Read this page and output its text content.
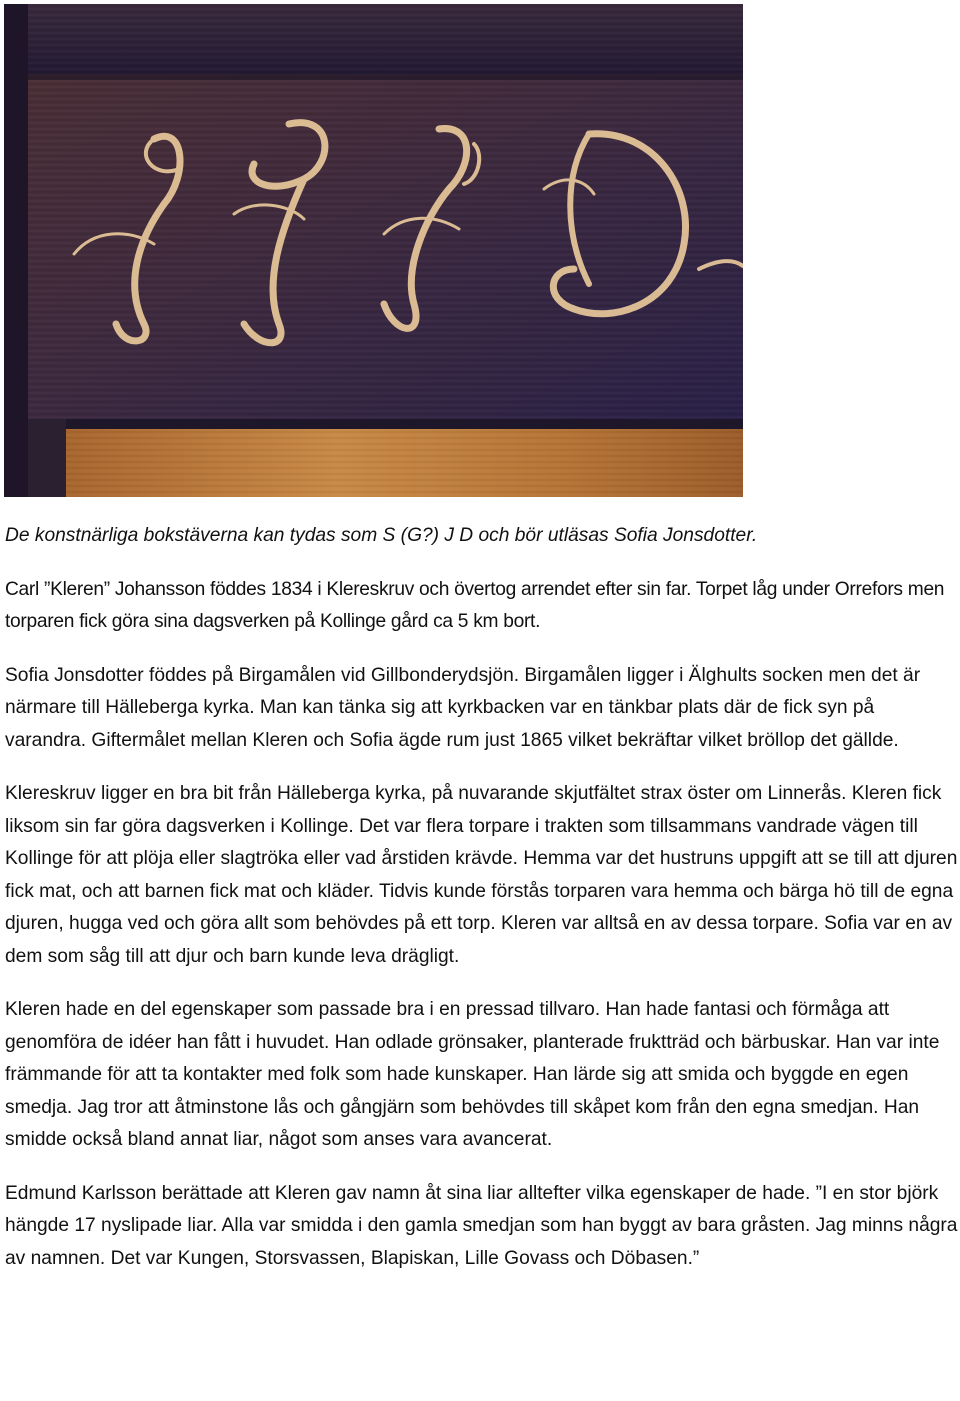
De konstnärliga bokstäverna kan tydas som S (G?) J D och bör utläsas Sofia Jonsdotter.

Carl ”Kleren” Johansson föddes 1834 i Klereskruv och övertog arrendet efter sin far. Torpet låg under Orrefors men torparen fick göra sina dagsverken på Kollinge gård ca 5 km bort.

Sofia Jonsdotter föddes på Birgamålen vid Gillbonderydsjön. Birgamålen ligger i Älghults socken men det är närmare till Hälleberga kyrka. Man kan tänka sig att kyrkbacken var en tänkbar plats där de fick syn på varandra. Giftermålet mellan Kleren och Sofia ägde rum just 1865 vilket bekräftar vilket bröllop det gällde.

Klereskruv ligger en bra bit från Hälleberga kyrka, på nuvarande skjutfältet strax öster om Linnerås. Kleren fick liksom sin far göra dagsverken i Kollinge. Det var flera torpare i trakten som tillsammans vandrade vägen till Kollinge för att plöja eller slagtröka eller vad årstiden krävde. Hemma var det hustruns uppgift att se till att djuren fick mat, och att barnen fick mat och kläder. Tidvis kunde förstås torparen vara hemma och bärga hö till de egna djuren, hugga ved och göra allt som behövdes på ett torp. Kleren var alltså en av dessa torpare. Sofia var en av dem som såg till att djur och barn kunde leva drägligt.

Kleren hade en del egenskaper som passade bra i en pressad tillvaro. Han hade fantasi och förmåga att genomföra de idéer han fått i huvudet. Han odlade grönsaker, planterade fruktträd och bärbuskar. Han var inte främmande för att ta kontakter med folk som hade kunskaper. Han lärde sig att smida och byggde en egen smedja. Jag tror att åtminstone lås och gångjärn som behövdes till skåpet kom från den egna smedjan. Han smidde också bland annat liar, något som anses vara avancerat.

Edmund Karlsson berättade att Kleren gav namn åt sina liar alltefter vilka egenskaper de hade. ”I en stor björk hängde 17 nyslipade liar. Alla var smidda i den gamla smedjan som han byggt av bara gråsten. Jag minns några av namnen. Det var Kungen, Storsvassen, Blapiskan, Lille Govass och Döbasen.”
